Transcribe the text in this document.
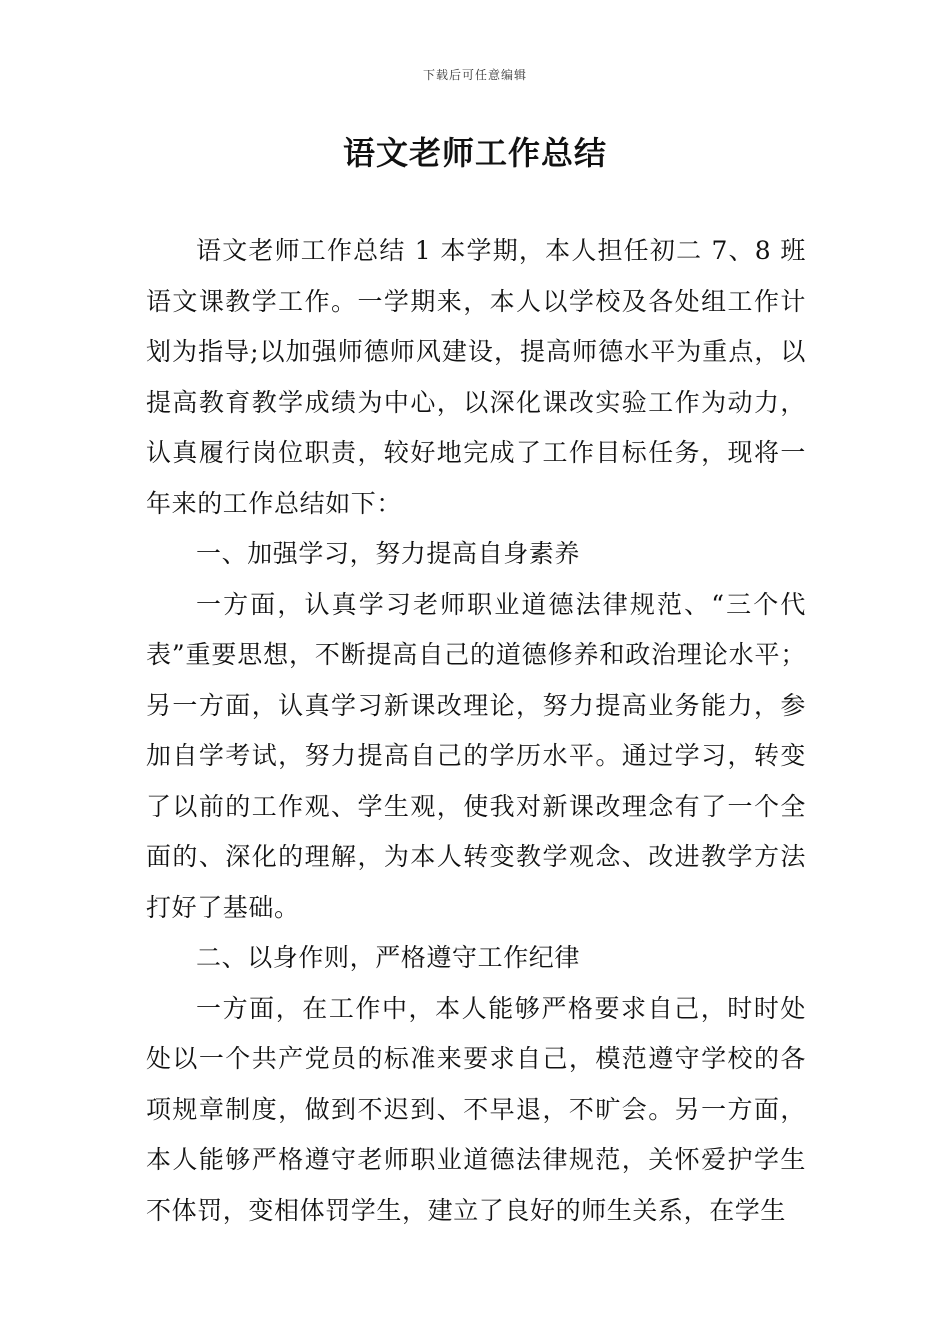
下载后可任意编辑
语文老师工作总结

语文老师工作总结 1 本学期，本人担任初二 7、8 班语文课教学工作。一学期来，本人以学校及各处组工作计划为指导;以加强师德师风建设，提高师德水平为重点，以提高教育教学成绩为中心，以深化课改实验工作为动力，认真履行岗位职责，较好地完成了工作目标任务，现将一年来的工作总结如下：

一、加强学习，努力提高自身素养

一方面，认真学习老师职业道德法律规范、“三个代表”重要思想，不断提高自己的道德修养和政治理论水平；另一方面，认真学习新课改理论，努力提高业务能力，参加自学考试，努力提高自己的学历水平。通过学习，转变了以前的工作观、学生观，使我对新课改理念有了一个全面的、深化的理解，为本人转变教学观念、改进教学方法打好了基础。

二、以身作则，严格遵守工作纪律

一方面，在工作中，本人能够严格要求自己，时时处处以一个共产党员的标准来要求自己，模范遵守学校的各项规章制度，做到不迟到、不早退，不旷会。另一方面，本人能够严格遵守老师职业道德法律规范，关怀爱护学生不体罚，变相体罚学生，建立了良好的师生关系，在学生
